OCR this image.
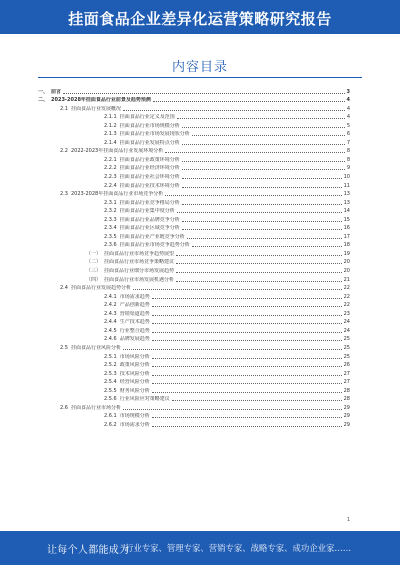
挂面食品企业差异化运营策略研究报告
内容目录
一、 前言	3
二、 2023-2028年挂面食品行业前景及趋势预测	4
2.1 挂面食品行业发展概况	4
2.1.1 挂面食品行业定义及范围	4
2.1.2 挂面食品行业市场规模分析	5
2.1.3 挂面食品行业市场发展现状分析	6
2.1.4 挂面食品行业发展特点分析	7
2.2 2022-2023年挂面食品行业发展环境分析	8
2.2.1 挂面食品行业政策环境分析	8
2.2.2 挂面食品行业经济环境分析	9
2.2.3 挂面食品行业社会环境分析	10
2.2.4 挂面食品行业技术环境分析	11
2.3 2023-2028年挂面食品行业市场竞争分析	13
2.3.1 挂面食品行业竞争格局分析	13
2.3.2 挂面食品行业集中度分析	14
2.3.3 挂面食品行业品牌竞争分析	15
2.3.4 挂面食品行业区域竞争分析	16
2.3.5 挂面食品行业产业链竞争分析	17
2.3.6 挂面食品行业市场竞争趋势分析	18
（一） 挂面食品行业市场竞争趋势展望	19
（二） 挂面食品行业市场竞争策略建议	20
（三） 挂面食品行业细分市场发展趋势	20
（四） 挂面食品行业市场发展机遇分析	21
2.4 挂面食品行业发展趋势分析	22
2.4.1 市场需求趋势	22
2.4.2 产品创新趋势	22
2.4.3 营销渠道趋势	23
2.4.4 生产技术趋势	24
2.4.5 行业整合趋势	24
2.4.6 品牌发展趋势	25
2.5 挂面食品行业风险分析	25
2.5.1 市场风险分析	25
2.5.2 政策风险分析	26
2.5.3 技术风险分析	27
2.5.4 经营风险分析	27
2.5.5 财务风险分析	28
2.5.6 行业风险应对策略建议	28
2.6 挂面食品行业市场分析	29
2.6.1 市场规模分析	29
2.6.2 市场需求分析	29
1
让每个人都能成为
行业专家、管理专家、营销专家、战略专家、成功企业家……
